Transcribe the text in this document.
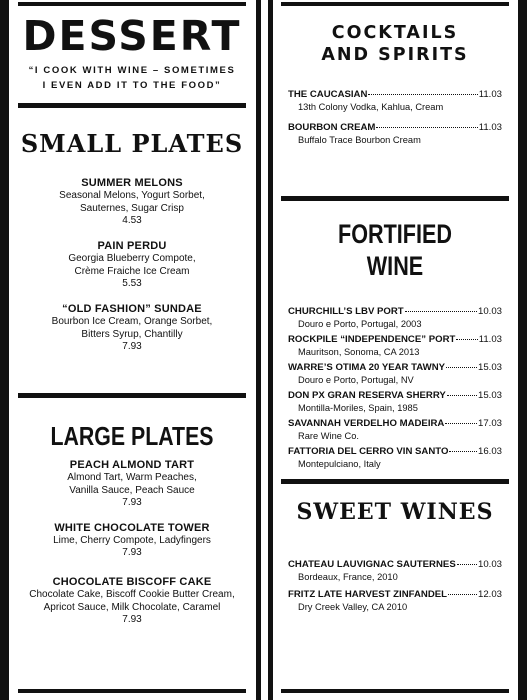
DESSERT
“I COOK WITH WINE – SOMETIMES
I EVEN ADD IT TO THE FOOD”
SMALL PLATES
SUMMER MELONS
Seasonal Melons, Yogurt Sorbet,
Sauternes, Sugar Crisp
4.53
PAIN PERDU
Georgia Blueberry Compote,
Crème Fraiche Ice Cream
5.53
“OLD FASHION” SUNDAE
Bourbon Ice Cream, Orange Sorbet,
Bitters Syrup, Chantilly
7.93
LARGE PLATES
PEACH ALMOND TART
Almond Tart, Warm Peaches,
Vanilla Sauce, Peach Sauce
7.93
WHITE CHOCOLATE TOWER
Lime, Cherry Compote, Ladyfingers
7.93
CHOCOLATE BISCOFF CAKE
Chocolate Cake, Biscoff Cookie Butter Cream,
Apricot Sauce, Milk Chocolate, Caramel
7.93
COCKTAILS
AND SPIRITS
THE CAUCASIAN	11.03
13th Colony Vodka, Kahlua, Cream
BOURBON CREAM	11.03
Buffalo Trace Bourbon Cream
FORTIFIED WINE
CHURCHILL’S LBV PORT	10.03
Douro e Porto, Portugal, 2003
ROCKPILE “INDEPENDENCE” PORT 11.03
Mauritson, Sonoma, CA 2013
WARRE’S OTIMA 20 YEAR TAWNY	15.03
Douro e Porto, Portugal, NV
DON PX GRAN RESERVA SHERRY	15.03
Montilla-Moriles, Spain, 1985
SAVANNAH VERDELHO MADEIRA	17.03
Rare Wine Co.
FATTORIA DEL CERRO VIN SANTO	16.03
Montepulciano, Italy
SWEET WINES
CHATEAU LAUVIGNAC SAUTERNES 10.03
Bordeaux, France, 2010
FRITZ LATE HARVEST ZINFANDEL	12.03
Dry Creek Valley, CA 2010
